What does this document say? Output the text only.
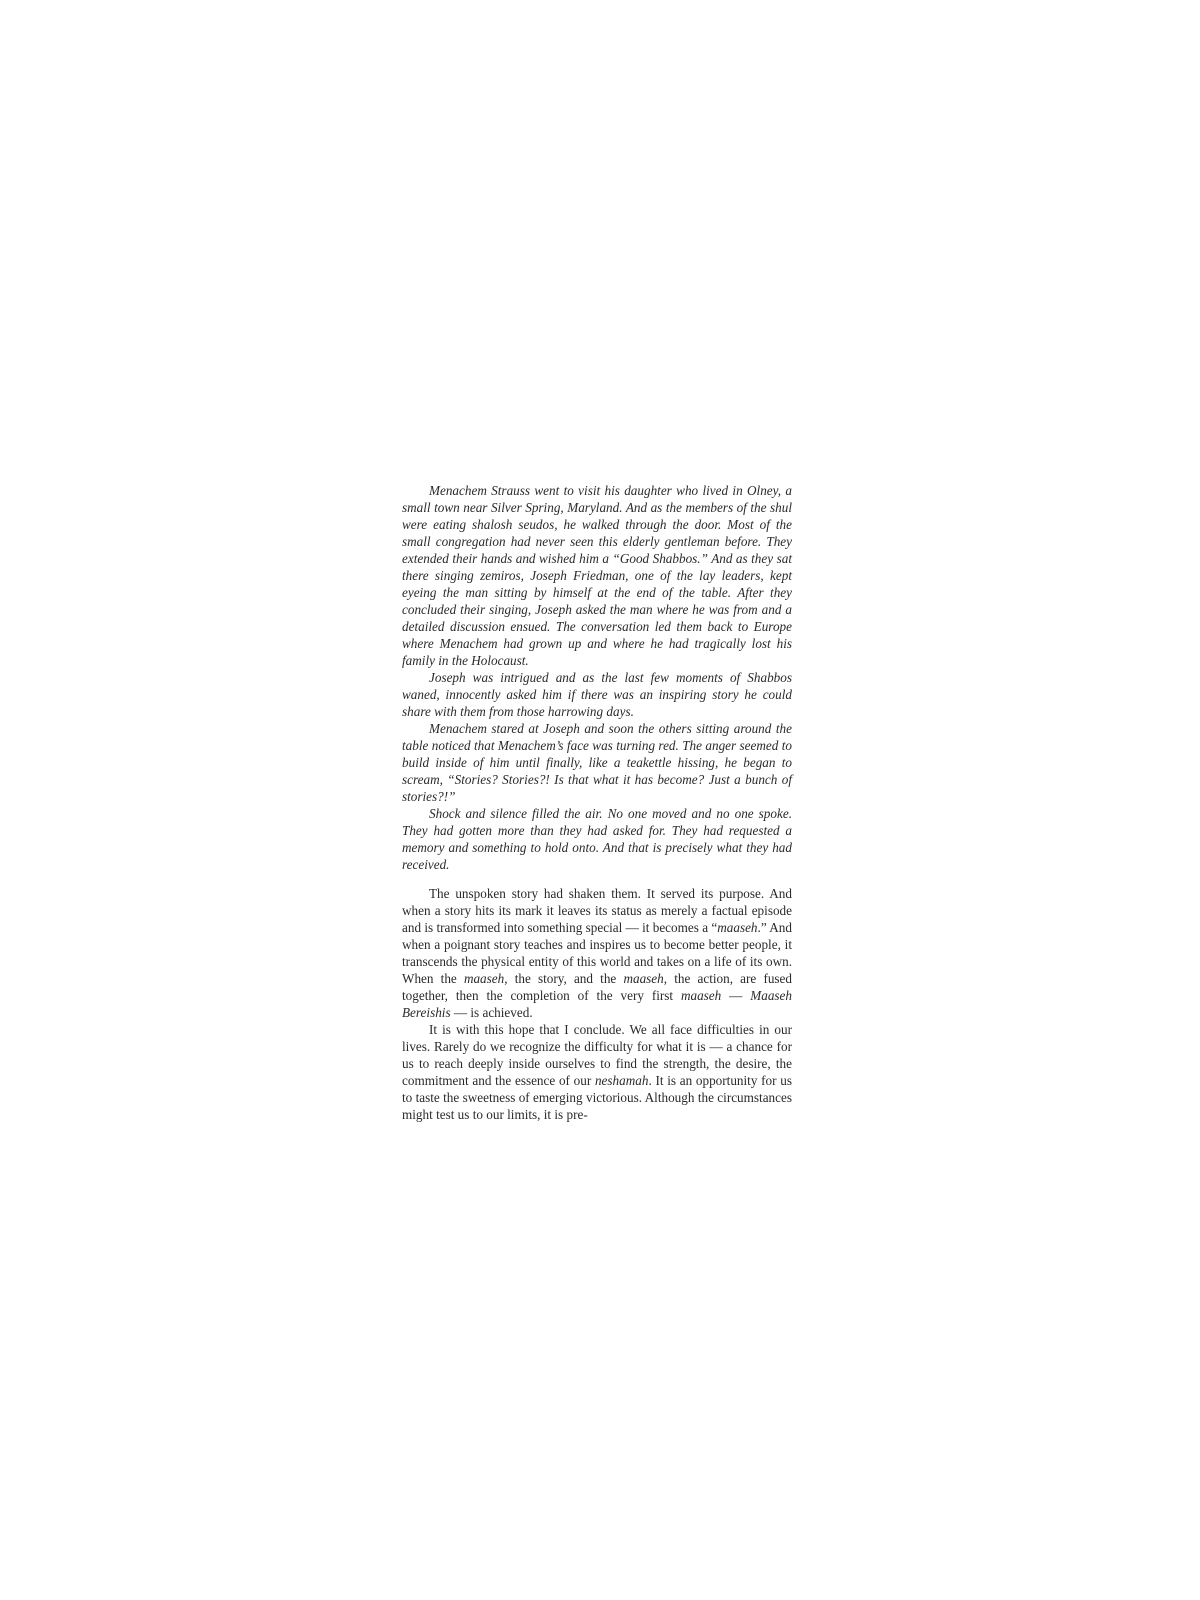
Menachem Strauss went to visit his daughter who lived in Olney, a small town near Silver Spring, Maryland. And as the members of the shul were eating shalosh seudos, he walked through the door. Most of the small congregation had never seen this elderly gentleman before. They extended their hands and wished him a “Good Shabbos.” And as they sat there singing zemiros, Joseph Friedman, one of the lay leaders, kept eyeing the man sitting by himself at the end of the table. After they concluded their singing, Joseph asked the man where he was from and a detailed discussion ensued. The conversation led them back to Europe where Menachem had grown up and where he had tragically lost his family in the Holocaust.

Joseph was intrigued and as the last few moments of Shabbos waned, innocently asked him if there was an inspiring story he could share with them from those harrowing days.

Menachem stared at Joseph and soon the others sitting around the table noticed that Menachem’s face was turning red. The anger seemed to build inside of him until finally, like a teakettle hissing, he began to scream, “Stories? Stories?! Is that what it has become? Just a bunch of stories?!”

Shock and silence filled the air. No one moved and no one spoke. They had gotten more than they had asked for. They had requested a memory and something to hold onto. And that is precisely what they had received.

The unspoken story had shaken them. It served its purpose. And when a story hits its mark it leaves its status as merely a factual episode and is transformed into something special — it becomes a “maaseh.” And when a poignant story teaches and inspires us to become better people, it transcends the physical entity of this world and takes on a life of its own. When the maaseh, the story, and the maaseh, the action, are fused together, then the completion of the very first maaseh — Maaseh Bereishis — is achieved.

It is with this hope that I conclude. We all face difficulties in our lives. Rarely do we recognize the difficulty for what it is — a chance for us to reach deeply inside ourselves to find the strength, the desire, the commitment and the essence of our neshamah. It is an opportunity for us to taste the sweetness of emerging victorious. Although the circumstances might test us to our limits, it is pre-
